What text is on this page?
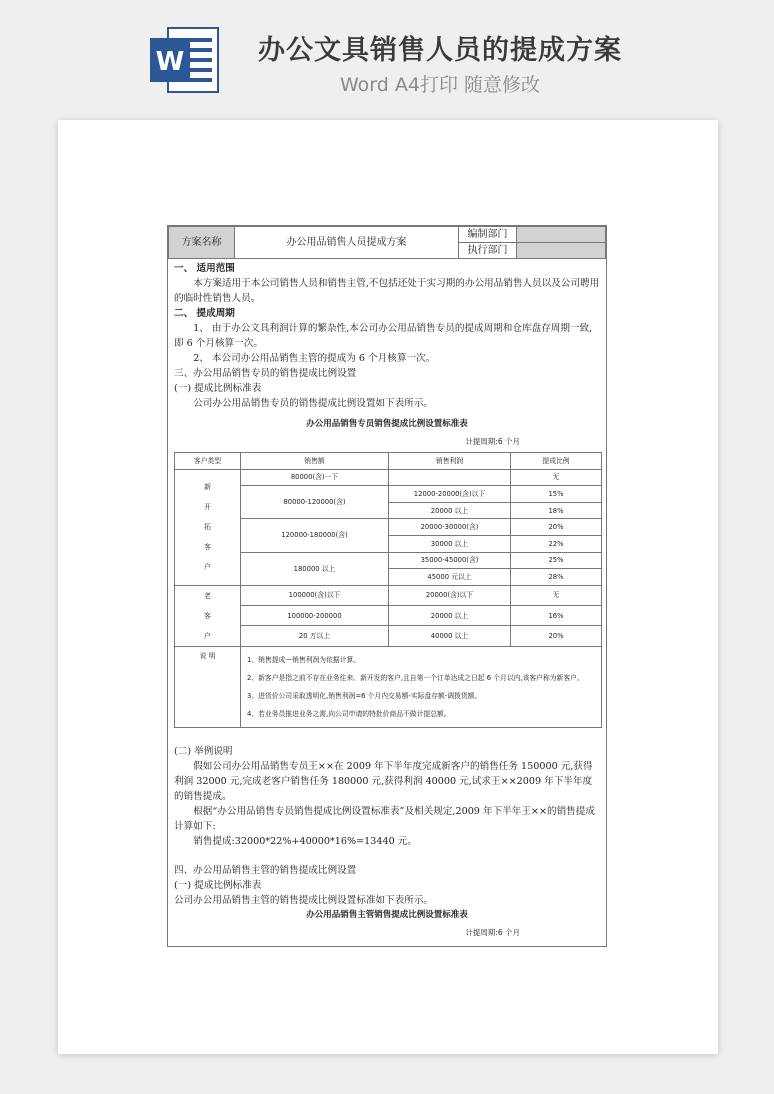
W	办公文具销售人员的提成方案
Word A4打印 随意修改
方案名称	办公用品销售人员提成方案	编制部门	
		执行部门	

一、 适用范围

本方案适用于本公司销售人员和销售主管,不包括还处于实习期的办公用品销售人员以及公司聘用的临时性销售人员。

二、 提成周期

1、 由于办公文具利润计算的繁杂性,本公司办公用品销售专员的提成周期和仓库盘存周期一致,即 6 个月核算一次。

2、 本公司办公用品销售主管的提成为 6 个月核算一次。

三、办公用品销售专员的销售提成比例设置

(一) 提成比例标准表

公司办公用品销售专员的销售提成比例设置如下表所示。

办公用品销售专员销售提成比例设置标准表
计提周期:6 个月
客户类型	销售额	销售利润	提成比例

新
开
拓
客
户	80000(含)一下		无
	80000-120000(含)	12000-20000(含)以下	15%
		20000 以上	18%
	120000-180000(含)	20000-30000(含)	20%
		30000 以上	22%
	180000 以上	35000-45000(含)	25%
		45000 元以上	28%

老
客
户	100000(含)以下	20000(含)以下	无
	100000-200000	20000 以上	16%
	20 万以上	40000 以上	20%
说 明	1、销售提成—销售利润为依据计算。
2、新客户是指之前不存在业务往来、新开发的客户,且自第一个订单达成之日起 6 个月以内,该客户称为新客户。
3、进货价公司采取透明化,销售利润=6 个月内交易额-实际盘存额-调拨货额。
4、若业务员推进业务之需,向公司申请的特批价商品不做计提总额。		

(二) 举例说明

假如公司办公用品销售专员王××在 2009 年下半年度完成新客户的销售任务 150000 元,获得利润 32000 元,完成老客户销售任务 180000 元,获得利润 40000 元,试求王××2009 年下半年度的销售提成。

根据“办公用品销售专员销售提成比例设置标准表”及相关规定,2009 年下半年王××的销售提成计算如下:

销售提成:32000*22%+40000*16%=13440 元。

四、办公用品销售主管的销售提成比例设置

(一) 提成比例标准表

公司办公用品销售主管的销售提成比例设置标准如下表所示。

办公用品销售主管销售提成比例设置标准表
计提周期:6 个月
